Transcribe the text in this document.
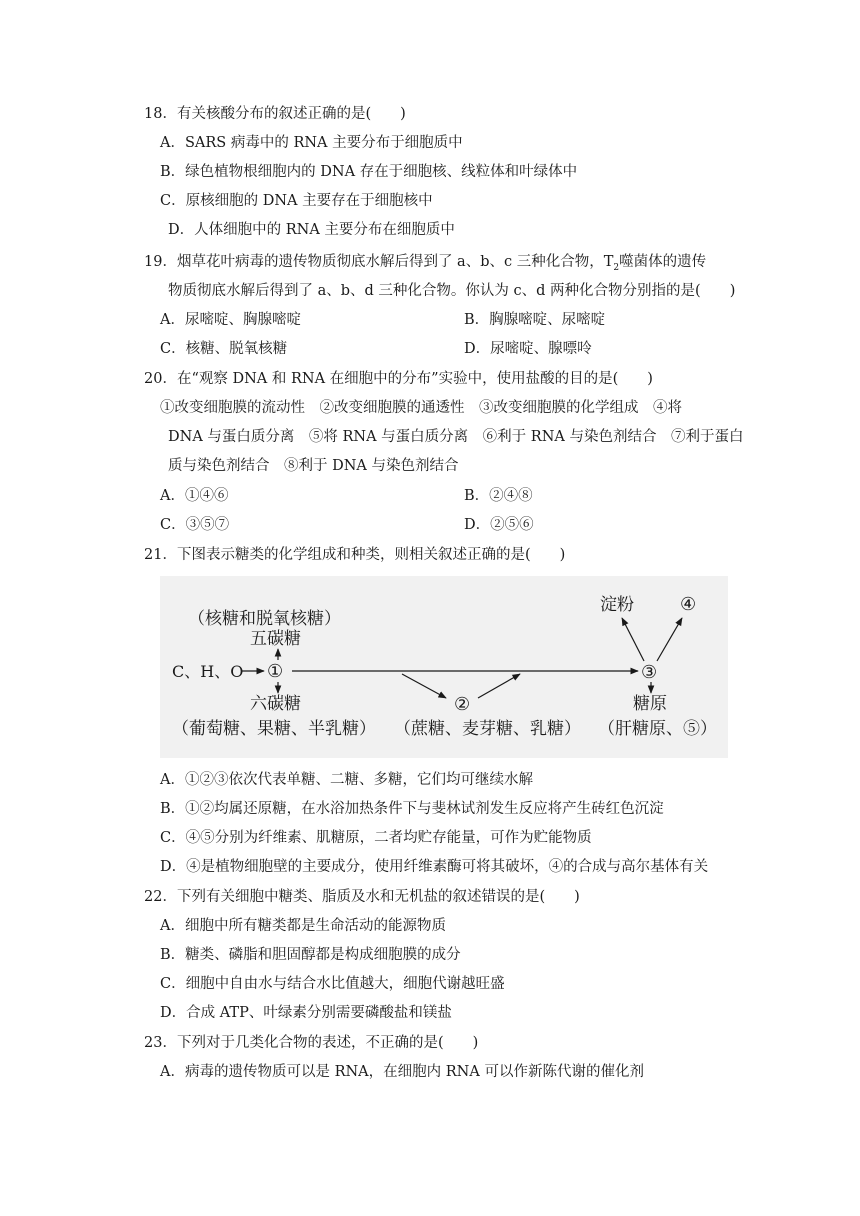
18．有关核酸分布的叙述正确的是(　　)
A．SARS 病毒中的 RNA 主要分布于细胞质中
B．绿色植物根细胞内的 DNA 存在于细胞核、线粒体和叶绿体中
C．原核细胞的 DNA 主要存在于细胞核中
D．人体细胞中的 RNA 主要分布在细胞质中
19．烟草花叶病毒的遗传物质彻底水解后得到了 a、b、c 三种化合物，$T_2$噬菌体的遗传
物质彻底水解后得到了 a、b、d 三种化合物。你认为 c、d 两种化合物分别指的是(　　)
A．尿嘧啶、胸腺嘧啶	B．胸腺嘧啶、尿嘧啶
C．核糖、脱氧核糖	D．尿嘧啶、腺嘌呤
20．在“观察 DNA 和 RNA 在细胞中的分布”实验中，使用盐酸的目的是(　　)
①改变细胞膜的流动性　②改变细胞膜的通透性　③改变细胞膜的化学组成　④将
DNA 与蛋白质分离　⑤将 RNA 与蛋白质分离　⑥利于 RNA 与染色剂结合　⑦利于蛋白
质与染色剂结合　⑧利于 DNA 与染色剂结合
A．①④⑥	B．②④⑧
C．③⑤⑦	D．②⑤⑥
21．下图表示糖类的化学组成和种类，则相关叙述正确的是(　　)
C、H、O
（核糖和脱氧核糖）
五碳糖
①
六碳糖
（葡萄糖、果糖、半乳糖）
②
（蔗糖、麦芽糖、乳糖）
淀粉	④
③
糖原
（肝糖原、⑤）
A．①②③依次代表单糖、二糖、多糖，它们均可继续水解
B．①②均属还原糖，在水浴加热条件下与斐林试剂发生反应将产生砖红色沉淀
C．④⑤分别为纤维素、肌糖原，二者均贮存能量，可作为贮能物质
D．④是植物细胞壁的主要成分，使用纤维素酶可将其破坏，④的合成与高尔基体有关
22．下列有关细胞中糖类、脂质及水和无机盐的叙述错误的是(　　)
A．细胞中所有糖类都是生命活动的能源物质
B．糖类、磷脂和胆固醇都是构成细胞膜的成分
C．细胞中自由水与结合水比值越大，细胞代谢越旺盛
D．合成 ATP、叶绿素分别需要磷酸盐和镁盐
23．下列对于几类化合物的表述，不正确的是(　　)
A．病毒的遗传物质可以是 RNA，在细胞内 RNA 可以作新陈代谢的催化剂
